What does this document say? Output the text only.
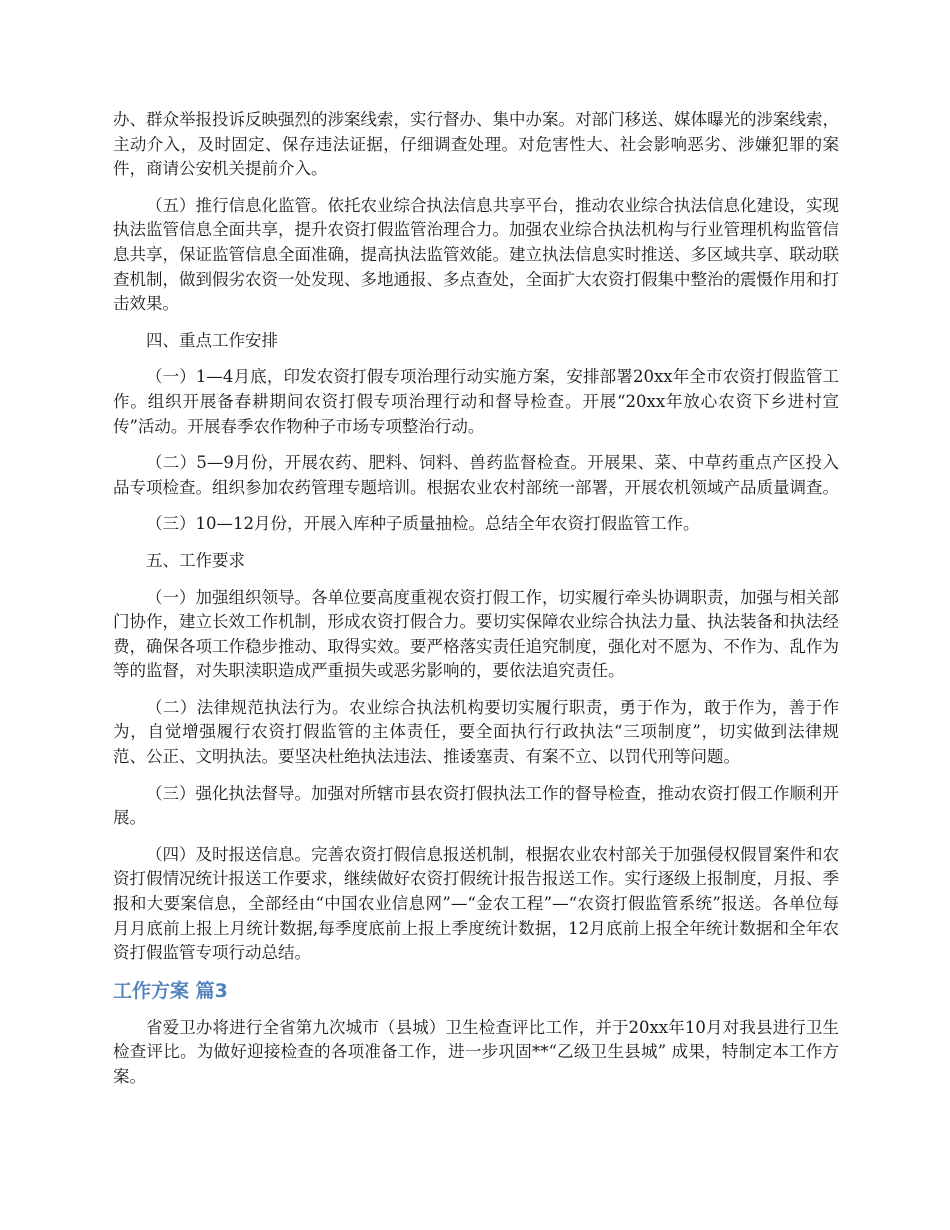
办、群众举报投诉反映强烈的涉案线索，实行督办、集中办案。对部门移送、媒体曝光的涉案线索，主动介入，及时固定、保存违法证据，仔细调查处理。对危害性大、社会影响恶劣、涉嫌犯罪的案件，商请公安机关提前介入。

（五）推行信息化监管。依托农业综合执法信息共享平台，推动农业综合执法信息化建设，实现执法监管信息全面共享，提升农资打假监管治理合力。加强农业综合执法机构与行业管理机构监管信息共享，保证监管信息全面准确，提高执法监管效能。建立执法信息实时推送、多区域共享、联动联查机制，做到假劣农资一处发现、多地通报、多点查处，全面扩大农资打假集中整治的震慑作用和打击效果。

四、重点工作安排

（一）1—4月底，印发农资打假专项治理行动实施方案，安排部署20xx年全市农资打假监管工作。组织开展备春耕期间农资打假专项治理行动和督导检查。开展“20xx年放心农资下乡进村宣传”活动。开展春季农作物种子市场专项整治行动。

（二）5—9月份，开展农药、肥料、饲料、兽药监督检查。开展果、菜、中草药重点产区投入品专项检查。组织参加农药管理专题培训。根据农业农村部统一部署，开展农机领域产品质量调查。

（三）10—12月份，开展入库种子质量抽检。总结全年农资打假监管工作。

五、工作要求

（一）加强组织领导。各单位要高度重视农资打假工作，切实履行牵头协调职责，加强与相关部门协作，建立长效工作机制，形成农资打假合力。要切实保障农业综合执法力量、执法装备和执法经费，确保各项工作稳步推动、取得实效。要严格落实责任追究制度，强化对不愿为、不作为、乱作为等的监督，对失职渎职造成严重损失或恶劣影响的，要依法追究责任。

（二）法律规范执法行为。农业综合执法机构要切实履行职责，勇于作为，敢于作为，善于作为，自觉增强履行农资打假监管的主体责任，要全面执行行政执法“三项制度”，切实做到法律规范、公正、文明执法。要坚决杜绝执法违法、推诿塞责、有案不立、以罚代刑等问题。

（三）强化执法督导。加强对所辖市县农资打假执法工作的督导检查，推动农资打假工作顺利开展。

（四）及时报送信息。完善农资打假信息报送机制，根据农业农村部关于加强侵权假冒案件和农资打假情况统计报送工作要求，继续做好农资打假统计报告报送工作。实行逐级上报制度，月报、季报和大要案信息，全部经由“中国农业信息网”—“金农工程”—“农资打假监管系统”报送。各单位每月月底前上报上月统计数据,每季度底前上报上季度统计数据，12月底前上报全年统计数据和全年农资打假监管专项行动总结。

工作方案 篇3

省爱卫办将进行全省第九次城市（县城）卫生检查评比工作，并于20xx年10月对我县进行卫生检查评比。为做好迎接检查的各项准备工作，进一步巩固**“乙级卫生县城” 成果，特制定本工作方案。
